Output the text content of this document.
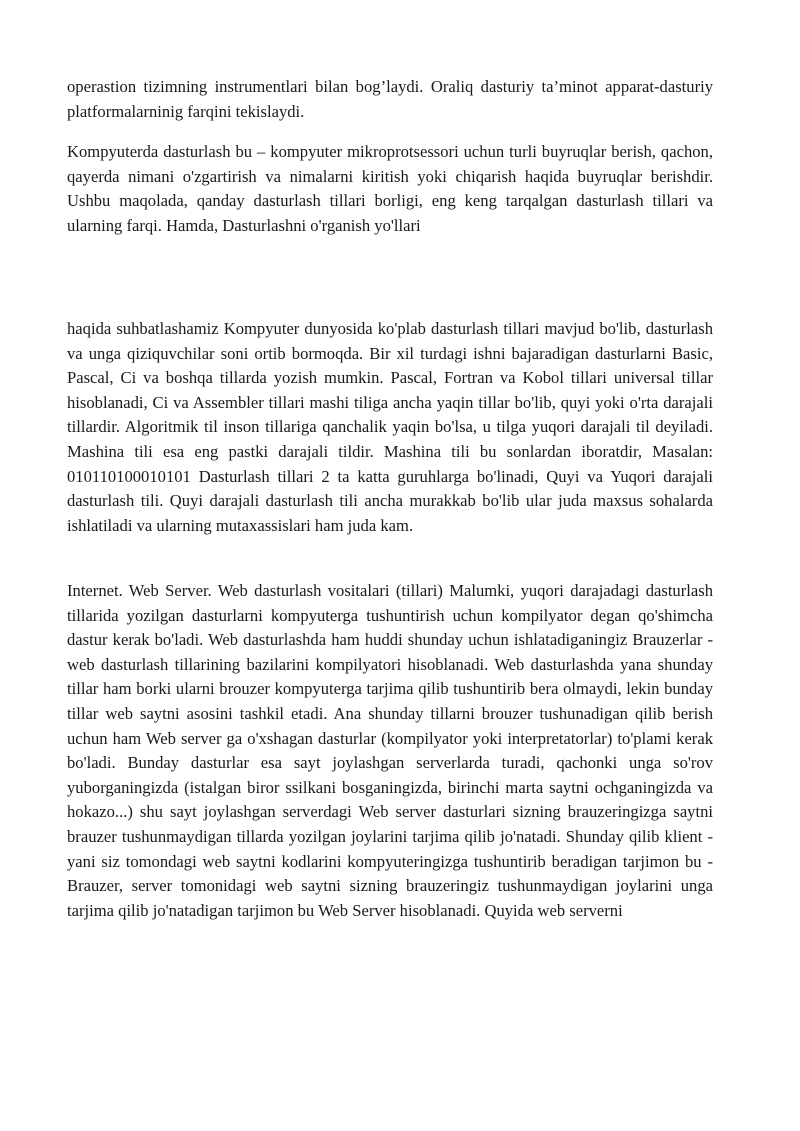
operastion tizimning instrumentlari bilan bog’laydi. Oraliq dasturiy ta’minot apparat-dasturiy platformalarninig farqini tekislaydi.

Kompyuterda dasturlash bu – kompyuter mikroprotsessori uchun turli buyruqlar berish, qachon, qayerda nimani o'zgartirish va nimalarni kiritish yoki chiqarish haqida buyruqlar berishdir. Ushbu maqolada, qanday dasturlash tillari borligi, eng keng tarqalgan dasturlash tillari va ularning farqi. Hamda, Dasturlashni o'rganish yo'llari

haqida suhbatlashamiz Kompyuter dunyosida ko'plab dasturlash tillari mavjud bo'lib, dasturlash va unga qiziquvchilar soni ortib bormoqda. Bir xil turdagi ishni bajaradigan dasturlarni Basic, Pascal, Ci va boshqa tillarda yozish mumkin. Pascal, Fortran va Kobol tillari universal tillar hisoblanadi, Ci va Assembler tillari mashi tiliga ancha yaqin tillar bo'lib, quyi yoki o'rta darajali tillardir. Algoritmik til inson tillariga qanchalik yaqin bo'lsa, u tilga yuqori darajali til deyiladi. Mashina tili esa eng pastki darajali tildir. Mashina tili bu sonlardan iboratdir, Masalan: 010110100010101 Dasturlash tillari 2 ta katta guruhlarga bo'linadi, Quyi va Yuqori darajali dasturlash tili. Quyi darajali dasturlash tili ancha murakkab bo'lib ular juda maxsus sohalarda ishlatiladi va ularning mutaxassislari ham juda kam.

Internet. Web Server. Web dasturlash vositalari (tillari) Malumki, yuqori darajadagi dasturlash tillarida yozilgan dasturlarni kompyuterga tushuntirish uchun kompilyator degan qo'shimcha dastur kerak bo'ladi. Web dasturlashda ham huddi shunday uchun ishlatadiganingiz Brauzerlar - web dasturlash tillarining bazilarini kompilyatori hisoblanadi. Web dasturlashda yana shunday tillar ham borki ularni brouzer kompyuterga tarjima qilib tushuntirib bera olmaydi, lekin bunday tillar web saytni asosini tashkil etadi. Ana shunday tillarni brouzer tushunadigan qilib berish uchun ham Web server ga o'xshagan dasturlar (kompilyator yoki interpretatorlar) to'plami kerak bo'ladi. Bunday dasturlar esa sayt joylashgan serverlarda turadi, qachonki unga so'rov yuborganingizda (istalgan biror ssilkani bosganingizda, birinchi marta saytni ochganingizda va hokazo...) shu sayt joylashgan serverdagi Web server dasturlari sizning brauzeringizga saytni brauzer tushunmaydigan tillarda yozilgan joylarini tarjima qilib jo'natadi. Shunday qilib klient - yani siz tomondagi web saytni kodlarini kompyuteringizga tushuntirib beradigan tarjimon bu - Brauzer, server tomonidagi web saytni sizning brauzeringiz tushunmaydigan joylarini unga tarjima qilib jo'natadigan tarjimon bu Web Server hisoblanadi. Quyida web serverni
